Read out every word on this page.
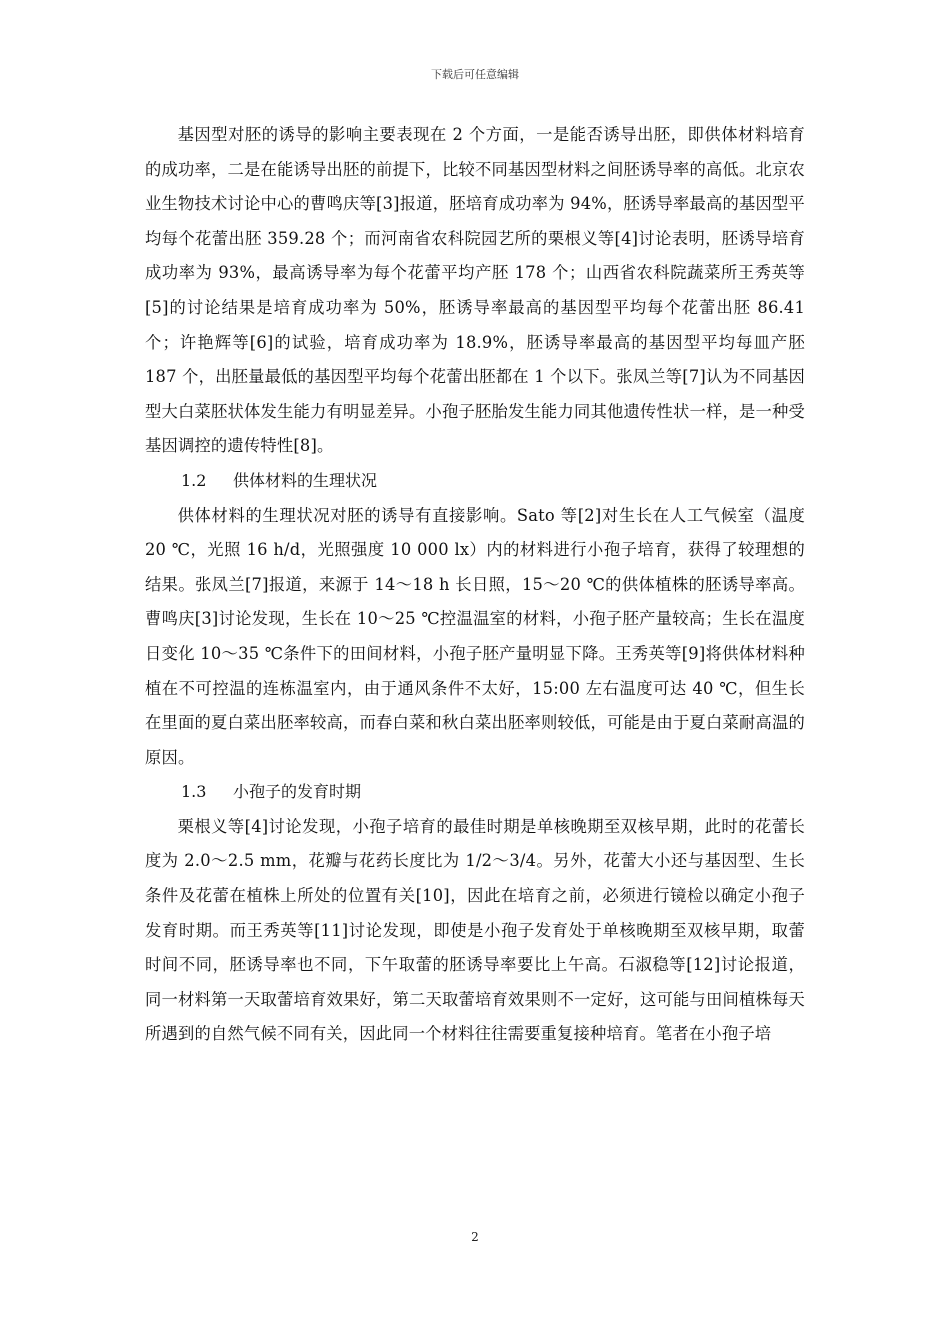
下载后可任意编辑

基因型对胚的诱导的影响主要表现在 2 个方面，一是能否诱导出胚，即供体材料培育的成功率，二是在能诱导出胚的前提下，比较不同基因型材料之间胚诱导率的高低。北京农业生物技术讨论中心的曹鸣庆等[3]报道，胚培育成功率为 94%，胚诱导率最高的基因型平均每个花蕾出胚 359.28 个；而河南省农科院园艺所的栗根义等[4]讨论表明，胚诱导培育成功率为 93%，最高诱导率为每个花蕾平均产胚 178 个；山西省农科院蔬菜所王秀英等[5]的讨论结果是培育成功率为 50%，胚诱导率最高的基因型平均每个花蕾出胚 86.41 个；许艳辉等[6]的试验，培育成功率为 18.9%，胚诱导率最高的基因型平均每皿产胚 187 个，出胚量最低的基因型平均每个花蕾出胚都在 1 个以下。张凤兰等[7]认为不同基因型大白菜胚状体发生能力有明显差异。小孢子胚胎发生能力同其他遗传性状一样，是一种受基因调控的遗传特性[8]。

1.2 供体材料的生理状况

供体材料的生理状况对胚的诱导有直接影响。Sato 等[2]对生长在人工气候室（温度 20 ℃，光照 16 h/d，光照强度 10 000 lx）内的材料进行小孢子培育，获得了较理想的结果。张凤兰[7]报道，来源于 14～18 h 长日照，15～20 ℃的供体植株的胚诱导率高。曹鸣庆[3]讨论发现，生长在 10～25 ℃控温温室的材料，小孢子胚产量较高；生长在温度日变化 10～35 ℃条件下的田间材料，小孢子胚产量明显下降。王秀英等[9]将供体材料种植在不可控温的连栋温室内，由于通风条件不太好，15:00 左右温度可达 40 ℃，但生长在里面的夏白菜出胚率较高，而春白菜和秋白菜出胚率则较低，可能是由于夏白菜耐高温的原因。

1.3 小孢子的发育时期

栗根义等[4]讨论发现，小孢子培育的最佳时期是单核晚期至双核早期，此时的花蕾长度为 2.0～2.5 mm，花瓣与花药长度比为 1/2～3/4。另外，花蕾大小还与基因型、生长条件及花蕾在植株上所处的位置有关[10]，因此在培育之前，必须进行镜检以确定小孢子发育时期。而王秀英等[11]讨论发现，即使是小孢子发育处于单核晚期至双核早期，取蕾时间不同，胚诱导率也不同，下午取蕾的胚诱导率要比上午高。石淑稳等[12]讨论报道，同一材料第一天取蕾培育效果好，第二天取蕾培育效果则不一定好，这可能与田间植株每天所遇到的自然气候不同有关，因此同一个材料往往需要重复接种培育。笔者在小孢子培

2
